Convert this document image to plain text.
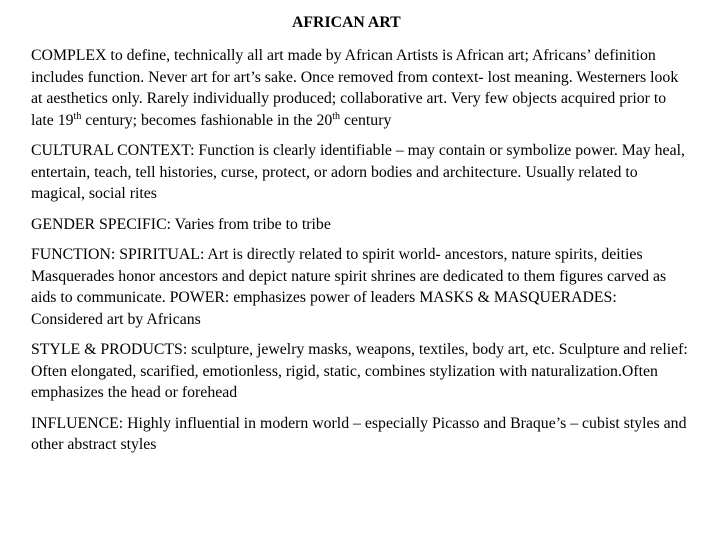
AFRICAN ART

COMPLEX to define, technically all art made by African Artists is African art; Africans’ definition includes function. Never art for art’s sake. Once removed from context- lost meaning. Westerners look at aesthetics only. Rarely individually produced; collaborative art. Very few objects acquired prior to late 19th century; becomes fashionable in the 20th century

CULTURAL CONTEXT: Function is clearly identifiable – may contain or symbolize power. May heal, entertain, teach, tell histories, curse, protect, or adorn bodies and architecture. Usually related to magical, social rites

GENDER SPECIFIC: Varies from tribe to tribe

FUNCTION: SPIRITUAL: Art is directly related to spirit world- ancestors, nature spirits, deities Masquerades honor ancestors and depict nature spirit shrines are dedicated to them figures carved as aids to communicate. POWER: emphasizes power of leaders MASKS & MASQUERADES: Considered art by Africans

STYLE & PRODUCTS: sculpture, jewelry masks, weapons, textiles, body art, etc. Sculpture and relief: Often elongated, scarified, emotionless, rigid, static, combines stylization with naturalization.Often emphasizes the head or forehead

INFLUENCE: Highly influential in modern world – especially Picasso and Braque’s – cubist styles and other abstract styles
